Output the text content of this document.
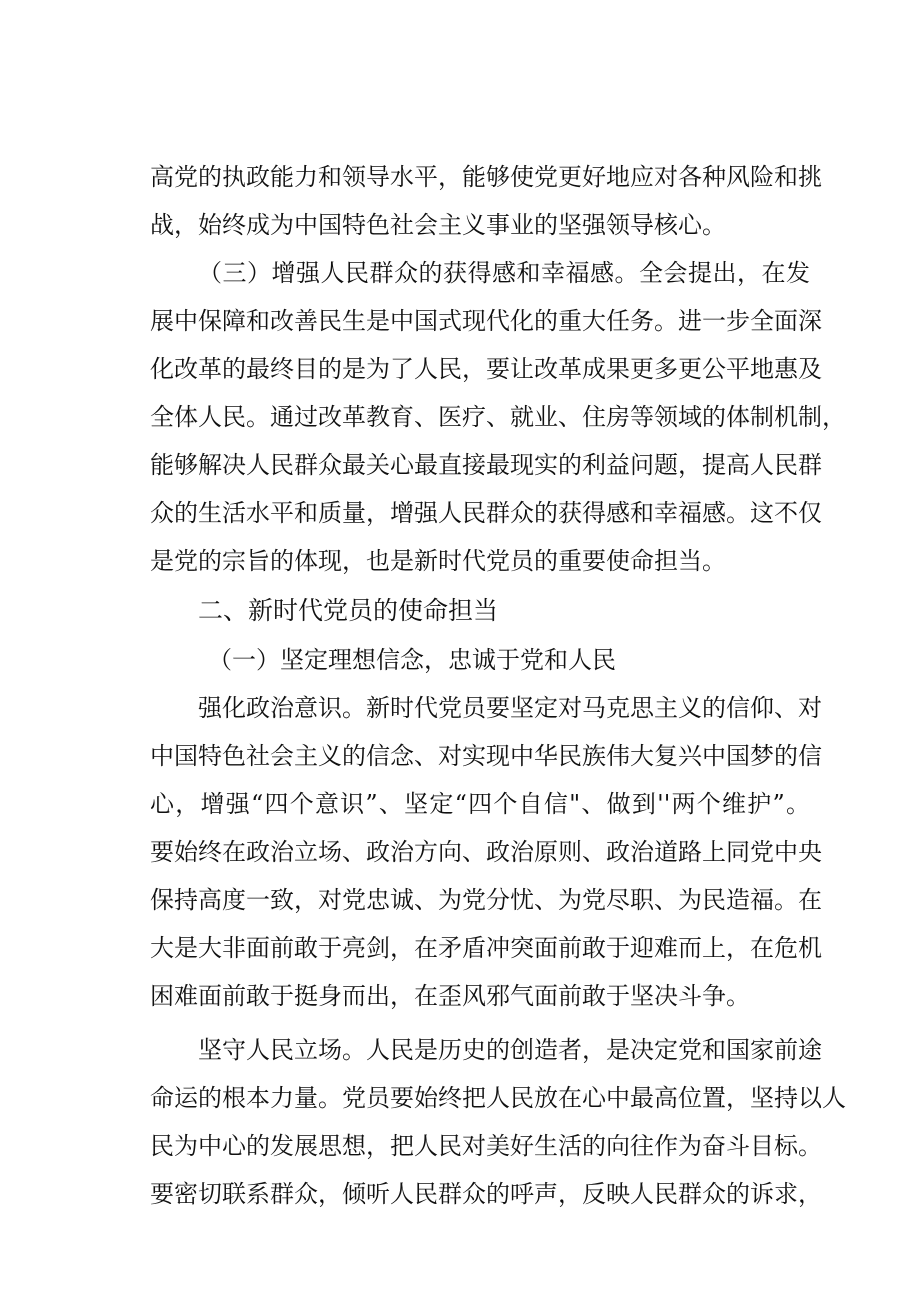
高党的执政能力和领导水平，能够使党更好地应对各种风险和挑
战，始终成为中国特色社会主义事业的坚强领导核心。
（三）增强人民群众的获得感和幸福感。全会提出，在发
展中保障和改善民生是中国式现代化的重大任务。进一步全面深
化改革的最终目的是为了人民，要让改革成果更多更公平地惠及
全体人民。通过改革教育、医疗、就业、住房等领域的体制机制，
能够解决人民群众最关心最直接最现实的利益问题，提高人民群
众的生活水平和质量，增强人民群众的获得感和幸福感。这不仅
是党的宗旨的体现，也是新时代党员的重要使命担当。
二、新时代党员的使命担当
（一）坚定理想信念，忠诚于党和人民
强化政治意识。新时代党员要坚定对马克思主义的信仰、对
中国特色社会主义的信念、对实现中华民族伟大复兴中国梦的信
心，增强“四个意识”、坚定“四个自信"、做到''两个维护”。
要始终在政治立场、政治方向、政治原则、政治道路上同党中央
保持高度一致，对党忠诚、为党分忧、为党尽职、为民造福。在
大是大非面前敢于亮剑，在矛盾冲突面前敢于迎难而上，在危机
困难面前敢于挺身而出，在歪风邪气面前敢于坚决斗争。
坚守人民立场。人民是历史的创造者，是决定党和国家前途
命运的根本力量。党员要始终把人民放在心中最高位置，坚持以人
民为中心的发展思想，把人民对美好生活的向往作为奋斗目标。
要密切联系群众，倾听人民群众的呼声，反映人民群众的诉求，
